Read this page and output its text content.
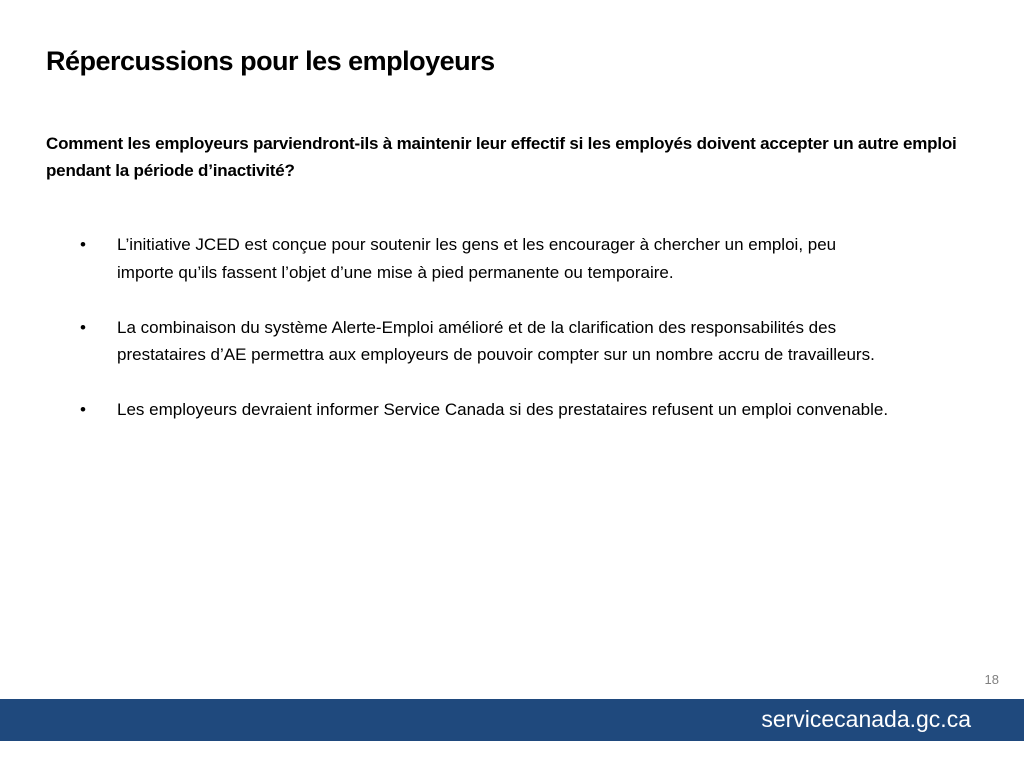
Répercussions pour les employeurs

Comment les employeurs parviendront-ils à maintenir leur effectif si les employés doivent accepter un autre emploi pendant la période d’inactivité?

• L’initiative JCED est conçue pour soutenir les gens et les encourager à chercher un emploi, peu importe qu’ils fassent l’objet d’une mise à pied permanente ou temporaire.
• La combinaison du système Alerte-Emploi amélioré et de la clarification des responsabilités des prestataires d’AE permettra aux employeurs de pouvoir compter sur un nombre accru de travailleurs.
• Les employeurs devraient informer Service Canada si des prestataires refusent un emploi convenable.
18
servicecanada.gc.ca
